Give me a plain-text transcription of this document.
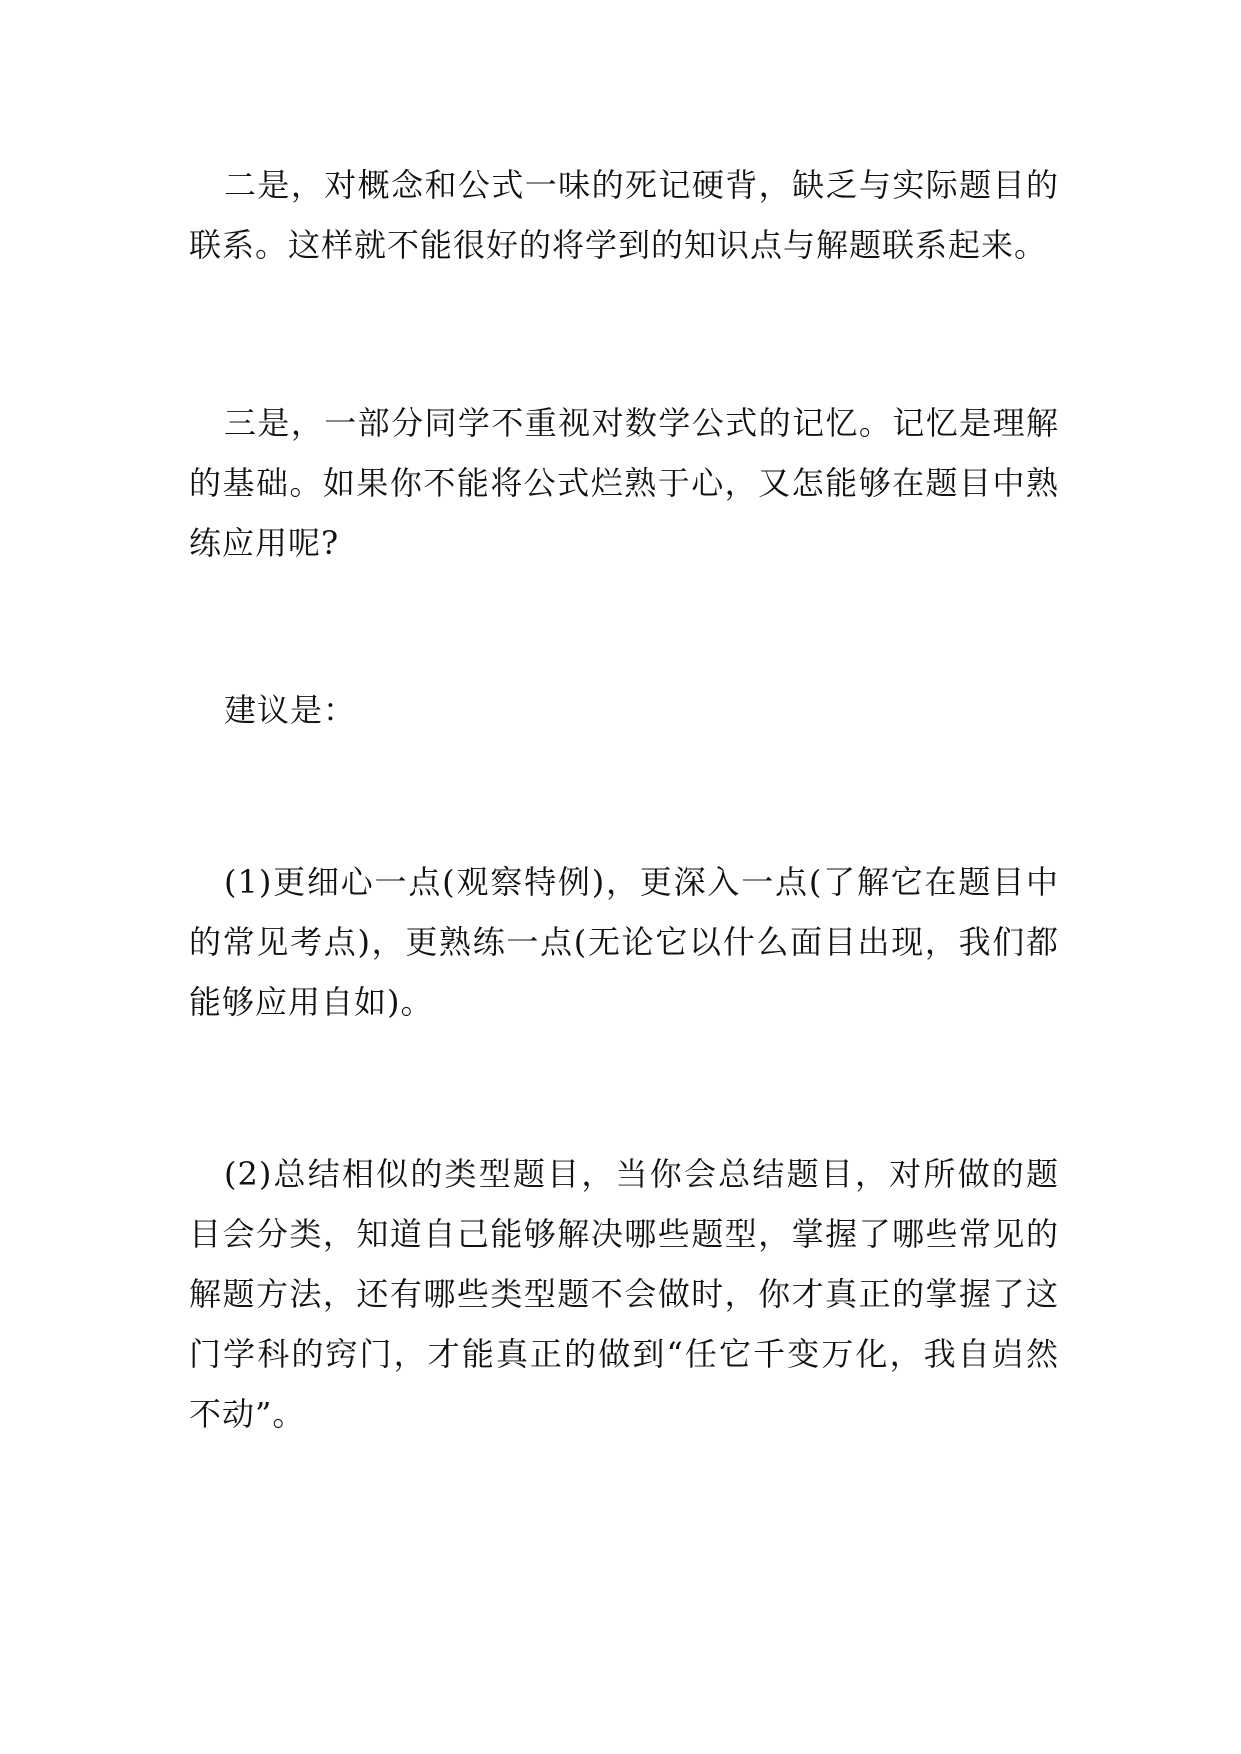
二是，对概念和公式一味的死记硬背，缺乏与实际题目的联系。这样就不能很好的将学到的知识点与解题联系起来。

三是，一部分同学不重视对数学公式的记忆。记忆是理解的基础。如果你不能将公式烂熟于心，又怎能够在题目中熟练应用呢?

建议是：

(1)更细心一点(观察特例)，更深入一点(了解它在题目中的常见考点)，更熟练一点(无论它以什么面目出现，我们都能够应用自如)。

(2)总结相似的类型题目，当你会总结题目，对所做的题目会分类，知道自己能够解决哪些题型，掌握了哪些常见的解题方法，还有哪些类型题不会做时，你才真正的掌握了这门学科的窍门，才能真正的做到“任它千变万化，我自岿然不动”。
